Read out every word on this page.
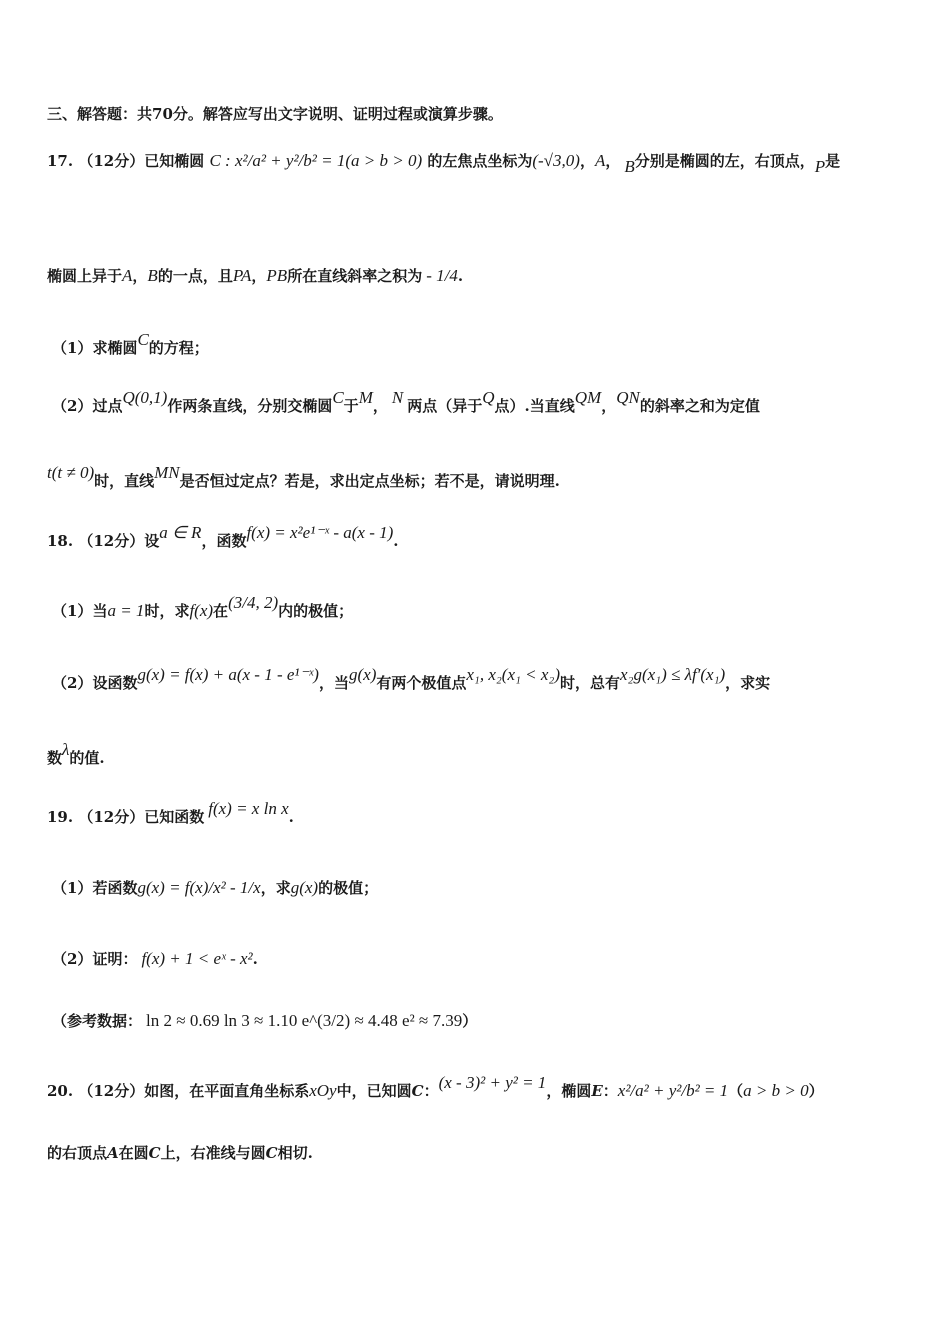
三、解答题：共70分。解答应写出文字说明、证明过程或演算步骤。
17. （12分）已知椭圆 C : x²/a² + y²/b² = 1(a > b > 0) 的左焦点坐标为(-√3,0)，A， B分别是椭圆的左，右顶点，P是
椭圆上异于A，B的一点，且PA，PB所在直线斜率之积为 - 1/4.
（1）求椭圆C的方程；
（2）过点Q(0,1)作两条直线，分别交椭圆C于M， N 两点（异于Q点）.当直线QM，QN的斜率之和为定值
t(t ≠ 0)时，直线MN是否恒过定点？若是，求出定点坐标；若不是，请说明理.
18. （12分）设a ∈ R，函数f(x) = x²e¹⁻ˣ - a(x - 1).
（1）当a = 1时，求f(x)在(3/4, 2)内的极值；
（2）设函数g(x) = f(x) + a(x - 1 - e¹⁻ˣ)，当g(x)有两个极值点x₁, x₂(x₁ < x₂)时，总有x₂g(x₁) ≤ λf′(x₁)，求实
数λ的值.
19. （12分）已知函数 f(x) = x ln x.
（1）若函数g(x) = f(x)/x² - 1/x，求g(x)的极值；
（2）证明： f(x) + 1 < eˣ - x².
（参考数据： ln 2 ≈ 0.69 ln 3 ≈ 1.10 e^(3/2) ≈ 4.48 e² ≈ 7.39）
20. （12分）如图，在平面直角坐标系xOy中，已知圆C：(x - 3)² + y² = 1，椭圆E：x²/a² + y²/b² = 1（a > b > 0）
的右顶点A在圆C上，右准线与圆C相切.
